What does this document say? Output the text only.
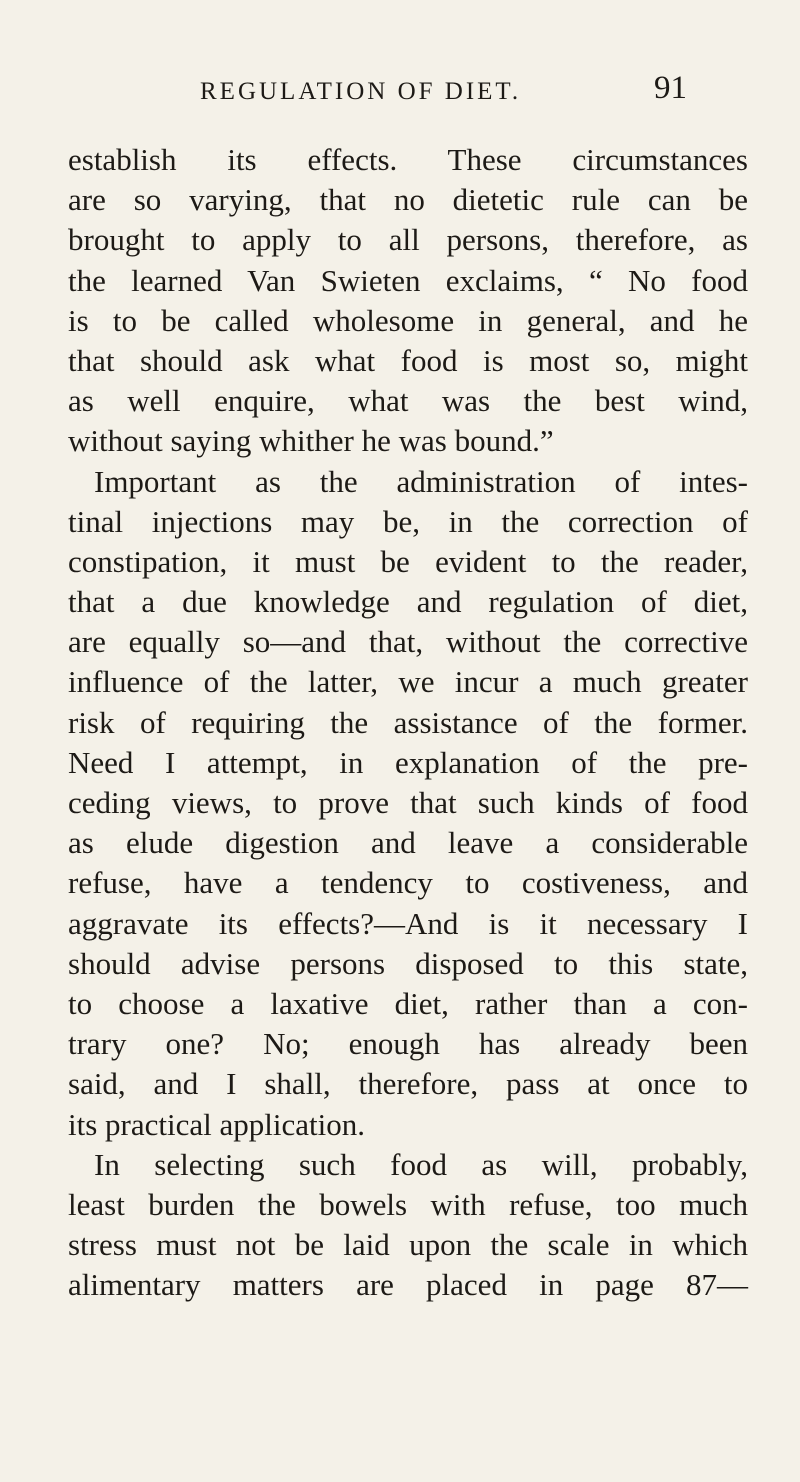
REGULATION OF DIET.	91
establish its effects. These circumstances
are so varying, that no dietetic rule can be
brought to apply to all persons, therefore, as
the learned Van Swieten exclaims, “ No food
is to be called wholesome in general, and he
that should ask what food is most so, might
as well enquire, what was the best wind,
without saying whither he was bound.”
Important as the administration of intes-
tinal injections may be, in the correction of
constipation, it must be evident to the reader,
that a due knowledge and regulation of diet,
are equally so—and that, without the corrective
influence of the latter, we incur a much greater
risk of requiring the assistance of the former.
Need I attempt, in explanation of the pre-
ceding views, to prove that such kinds of food
as elude digestion and leave a considerable
refuse, have a tendency to costiveness, and
aggravate its effects?—And is it necessary I
should advise persons disposed to this state,
to choose a laxative diet, rather than a con-
trary one? No; enough has already been
said, and I shall, therefore, pass at once to
its practical application.
In selecting such food as will, probably,
least burden the bowels with refuse, too much
stress must not be laid upon the scale in which
alimentary matters are placed in page 87—
